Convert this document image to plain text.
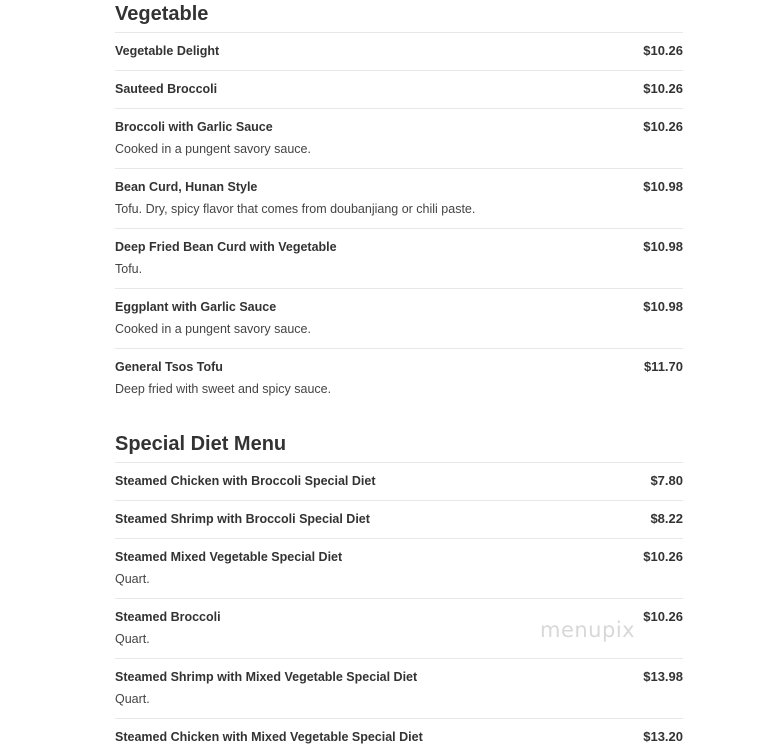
Vegetable
Vegetable Delight	$10.26
Sauteed Broccoli	$10.26
Broccoli with Garlic Sauce	$10.26
Cooked in a pungent savory sauce.
Bean Curd, Hunan Style	$10.98
Tofu. Dry, spicy flavor that comes from doubanjiang or chili paste.
Deep Fried Bean Curd with Vegetable	$10.98
Tofu.
Eggplant with Garlic Sauce	$10.98
Cooked in a pungent savory sauce.
General Tsos Tofu	$11.70
Deep fried with sweet and spicy sauce.
Special Diet Menu
Steamed Chicken with Broccoli Special Diet	$7.80
Steamed Shrimp with Broccoli Special Diet	$8.22
Steamed Mixed Vegetable Special Diet	$10.26
Quart.
Steamed Broccoli	$10.26
Quart.
Steamed Shrimp with Mixed Vegetable Special Diet	$13.98
Quart.
Steamed Chicken with Mixed Vegetable Special Diet	$13.20
menupix
